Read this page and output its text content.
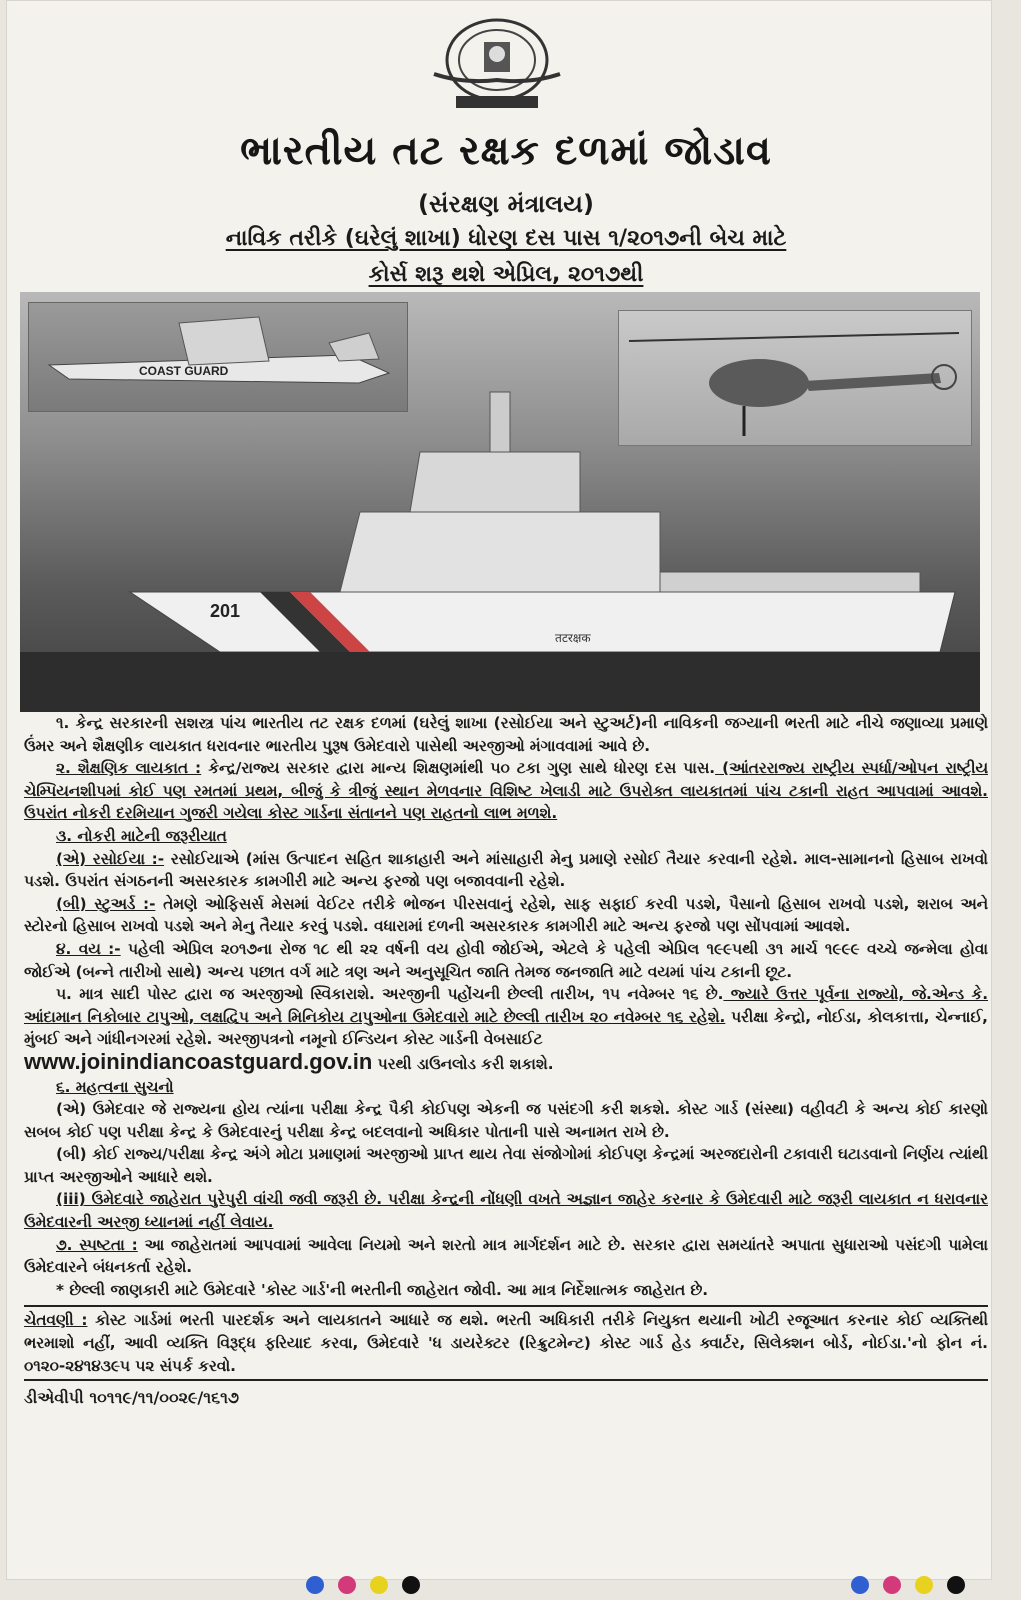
ભારતીય તટ રક્ષક દળમાં જોડાવ
(સંરક્ષણ મંત્રાલય)
નાવિક તરીકે (ઘરેલું શાખા) ધોરણ દસ પાસ ૧/૨૦૧૭ની બેચ માટે
કોર્સ શરૂ થશે એપ્રિલ, ૨૦૧૭થી
COAST GUARD
201
तटरक्षक

૧. કેન્દ્ર સરકારની સશસ્ત્ર પાંચ ભારતીય તટ રક્ષક દળમાં (ઘરેલું શાખા (રસોઈયા અને સ્ટુઅર્ટ)ની નાવિકની જગ્યાની ભરતી માટે નીચે જણાવ્યા પ્રમાણે ઉંમર અને શૈક્ષણીક લાયકાત ધરાવનાર ભારતીય પુરૂષ ઉમેદવારો પાસેથી અરજીઓ મંગાવવામાં આવે છે.

૨. શૈક્ષણિક લાયકાત : કેન્દ્ર/રાજ્ય સરકાર દ્વારા માન્ય શિક્ષણમાંથી ૫૦ ટકા ગુણ સાથે ધોરણ દસ પાસ. (આંતરરાજ્ય રાષ્ટ્રીય સ્પર્ધા/ઓપન રાષ્ટ્રીય ચેમ્પિયનશીપમાં કોઈ પણ રમતમાં પ્રથમ, બીજું કે ત્રીજું સ્થાન મેળવનાર વિશિષ્ટ ખેલાડી માટે ઉપરોક્ત લાયકાતમાં પાંચ ટકાની રાહત આપવામાં આવશે. ઉપરાંત નોકરી દરમિયાન ગુજરી ગયેલા કોસ્ટ ગાર્ડના સંતાનને પણ રાહતનો લાભ મળશે.

૩. નોકરી માટેની જરૂરીયાત

(એ) રસોઈયા :- રસોઈયાએ (માંસ ઉત્પાદન સહિત શાકાહારી અને માંસાહારી મેનુ પ્રમાણે રસોઈ તૈયાર કરવાની રહેશે. માલ-સામાનનો હિસાબ રાખવો પડશે. ઉપરાંત સંગઠનની અસરકારક કામગીરી માટે અન્ય ફરજો પણ બજાવવાની રહેશે.

(બી) સ્ટુઅર્ડ :- તેમણે ઓફિસર્સ મેસમાં વેઈટર તરીકે ભોજન પીરસવાનું રહેશે, સાફ સફાઈ કરવી પડશે, પૈસાનો હિસાબ રાખવો પડશે, શરાબ અને સ્ટોરનો હિસાબ રાખવો પડશે અને મેનુ તૈયાર કરવું પડશે. વધારામાં દળની અસરકારક કામગીરી માટે અન્ય ફરજો પણ સોંપવામાં આવશે.

૪. વય :- પહેલી એપ્રિલ ૨૦૧૭ના રોજ ૧૮ થી ૨૨ વર્ષની વય હોવી જોઈએ, એટલે કે પહેલી એપ્રિલ ૧૯૯૫થી ૩૧ માર્ચ ૧૯૯૯ વચ્ચે જન્મેલા હોવા જોઈએ (બન્ને તારીખો સાથે) અન્ય પછાત વર્ગ માટે ત્રણ અને અનુસૂચિત જાતિ તેમજ જનજાતિ માટે વયમાં પાંચ ટકાની છૂટ.

૫. માત્ર સાદી પોસ્ટ દ્વારા જ અરજીઓ સ્વિકારાશે. અરજીની પહોંચની છેલ્લી તારીખ, ૧૫ નવેમ્બર ૧૬ છે. જ્યારે ઉત્તર પૂર્વના રાજ્યો, જે.એન્ડ કે. આંદામાન નિકોબાર ટાપુઓ, લક્ષદ્વિપ અને મિનિકોય ટાપુઓના ઉમેદવારો માટે છેલ્લી તારીખ ૨૦ નવેમ્બર ૧૬ રહેશે. પરીક્ષા કેન્દ્રો, નોઈડા, કોલકાત્તા, ચેન્નાઈ, મુંબઈ અને ગાંધીનગરમાં રહેશે. અરજીપત્રનો નમૂનો ઈન્ડિયન કોસ્ટ ગાર્ડની વેબસાઈટ
www.joinindiancoastguard.gov.in પરથી ડાઉનલોડ કરી શકાશે.

૬. મહત્વના સુચનો

(એ) ઉમેદવાર જે રાજ્યના હોય ત્યાંના પરીક્ષા કેન્દ્ર પૈકી કોઈપણ એકની જ પસંદગી કરી શકશે. કોસ્ટ ગાર્ડ (સંસ્થા) વહીવટી કે અન્ય કોઈ કારણો સબબ કોઈ પણ પરીક્ષા કેન્દ્ર કે ઉમેદવારનું પરીક્ષા કેન્દ્ર બદલવાનો અધિકાર પોતાની પાસે અનામત રાખે છે.

(બી) કોઈ રાજ્ય/પરીક્ષા કેન્દ્ર અંગે મોટા પ્રમાણમાં અરજીઓ પ્રાપ્ત થાય તેવા સંજોગોમાં કોઈપણ કેન્દ્રમાં અરજદારોની ટકાવારી ઘટાડવાનો નિર્ણય ત્યાંથી પ્રાપ્ત અરજીઓને આધારે થશે.

(iii) ઉમેદવારે જાહેરાત પુરેપુરી વાંચી જવી જરૂરી છે. પરીક્ષા કેન્દ્રની નોંધણી વખતે અજ્ઞાન જાહેર કરનાર કે ઉમેદવારી માટે જરૂરી લાયકાત ન ધરાવનાર ઉમેદવારની અરજી ધ્યાનમાં નહીં લેવાય.

૭. સ્પષ્ટતા : આ જાહેરાતમાં આપવામાં આવેલા નિયમો અને શરતો માત્ર માર્ગદર્શન માટે છે. સરકાર દ્વારા સમયાંતરે અપાતા સુધારાઓ પસંદગી પામેલા ઉમેદવારને બંધનકર્તા રહેશે.

* છેલ્લી જાણકારી માટે ઉમેદવારે 'કોસ્ટ ગાર્ડ'ની ભરતીની જાહેરાત જોવી. આ માત્ર નિર્દેશાત્મક જાહેરાત છે.

ચેતવણી : કોસ્ટ ગાર્ડમાં ભરતી પારદર્શક અને લાયકાતને આધારે જ થશે. ભરતી અધિકારી તરીકે નિયુક્ત થયાની ખોટી રજૂઆત કરનાર કોઈ વ્યક્તિથી ભરમાશો નહીં, આવી વ્યક્તિ વિરૂદ્ધ ફરિયાદ કરવા, ઉમેદવારે 'ધ ડાયરેક્ટર (રિક્રુટમેન્ટ) કોસ્ટ ગાર્ડ હેડ ક્વાર્ટર, સિલેક્શન બોર્ડ, નોઈડા.'નો ફોન નં. ૦૧૨૦-૨૪૧૪૩૯૫ ૫૨ સંપર્ક કરવો.

ડીએવીપી ૧૦૧૧૯/૧૧/૦૦૨૯/૧૬૧૭
